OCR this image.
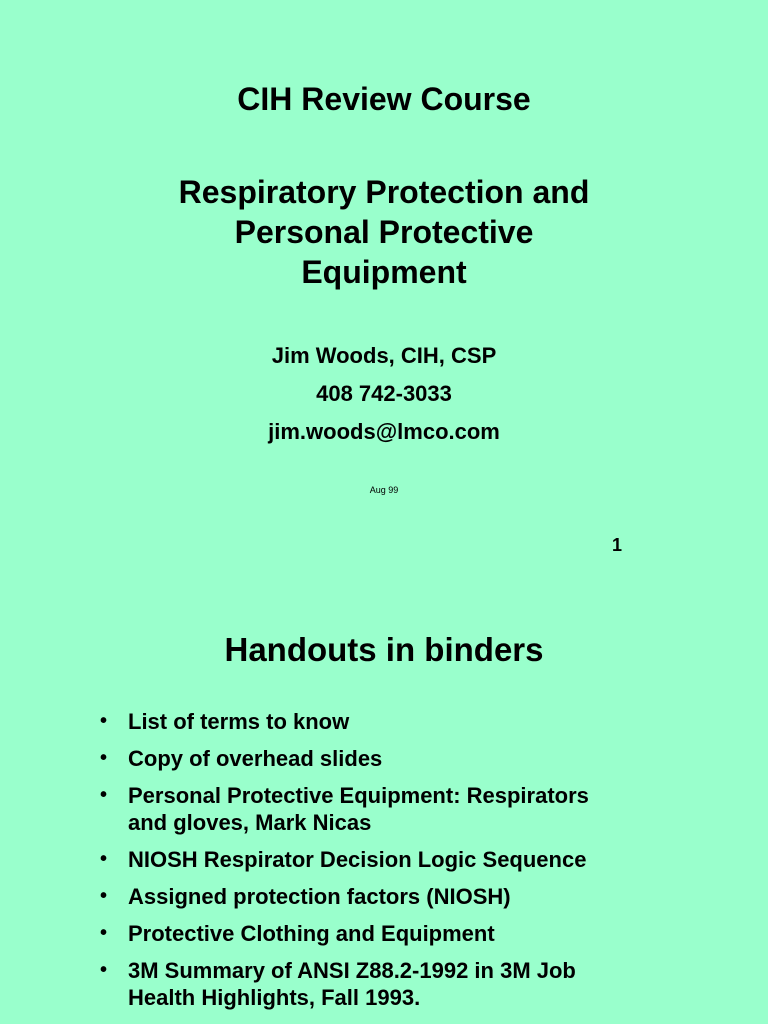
CIH Review Course
Respiratory Protection and
Personal Protective
Equipment
Jim Woods, CIH, CSP
408 742-3033
jim.woods@lmco.com
Aug 99
1
Handouts in binders
• List of terms to know
• Copy of overhead slides
• Personal Protective Equipment: Respirators
and gloves, Mark Nicas
• NIOSH Respirator Decision Logic Sequence
• Assigned protection factors (NIOSH)
• Protective Clothing and Equipment
• 3M Summary of ANSI Z88.2-1992 in 3M Job
Health Highlights, Fall 1993.
